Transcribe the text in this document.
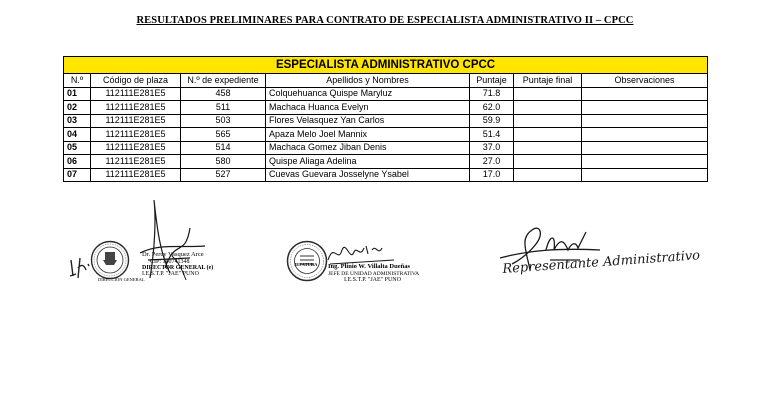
RESULTADOS PRELIMINARES PARA CONTRATO DE ESPECIALISTA ADMINISTRATIVO II – CPCC
ESPECIALISTA ADMINISTRATIVO CPCC						
N.º	Código de plaza	N.º de expediente	Apellidos y Nombres	Puntaje	Puntaje final	Observaciones
01	112111E281E5	458	Colquehuanca Quispe Maryluz	71.8		
02	112111E281E5	511	Machaca Huanca Evelyn	62.0		
03	112111E281E5	503	Flores Velasquez Yan Carlos	59.9		
04	112111E281E5	565	Apaza Melo Joel Mannix	51.4		
05	112111E281E5	514	Machaca Gomez Jiban Denis	37.0		
06	112111E281E5	580	Quispe Aliaga Adelina	27.0		
07	112111E281E5	527	Cuevas Guevara Josselyne Ysabel	17.0		
DIRECCIÓN GENERAL
Dr. Percy Vasquez Arce
CIP: 160741348
DIRECTOR GENERAL (e)
I.E.S.T.P. "JAE" PUNO
JEFATURA Ing. Plinio W. Villalta Dueñas
JEFE DE UNIDAD ADMINISTRATIVA
I.E.S.T.P. "JAE" PUNO
Representante Administrativo
